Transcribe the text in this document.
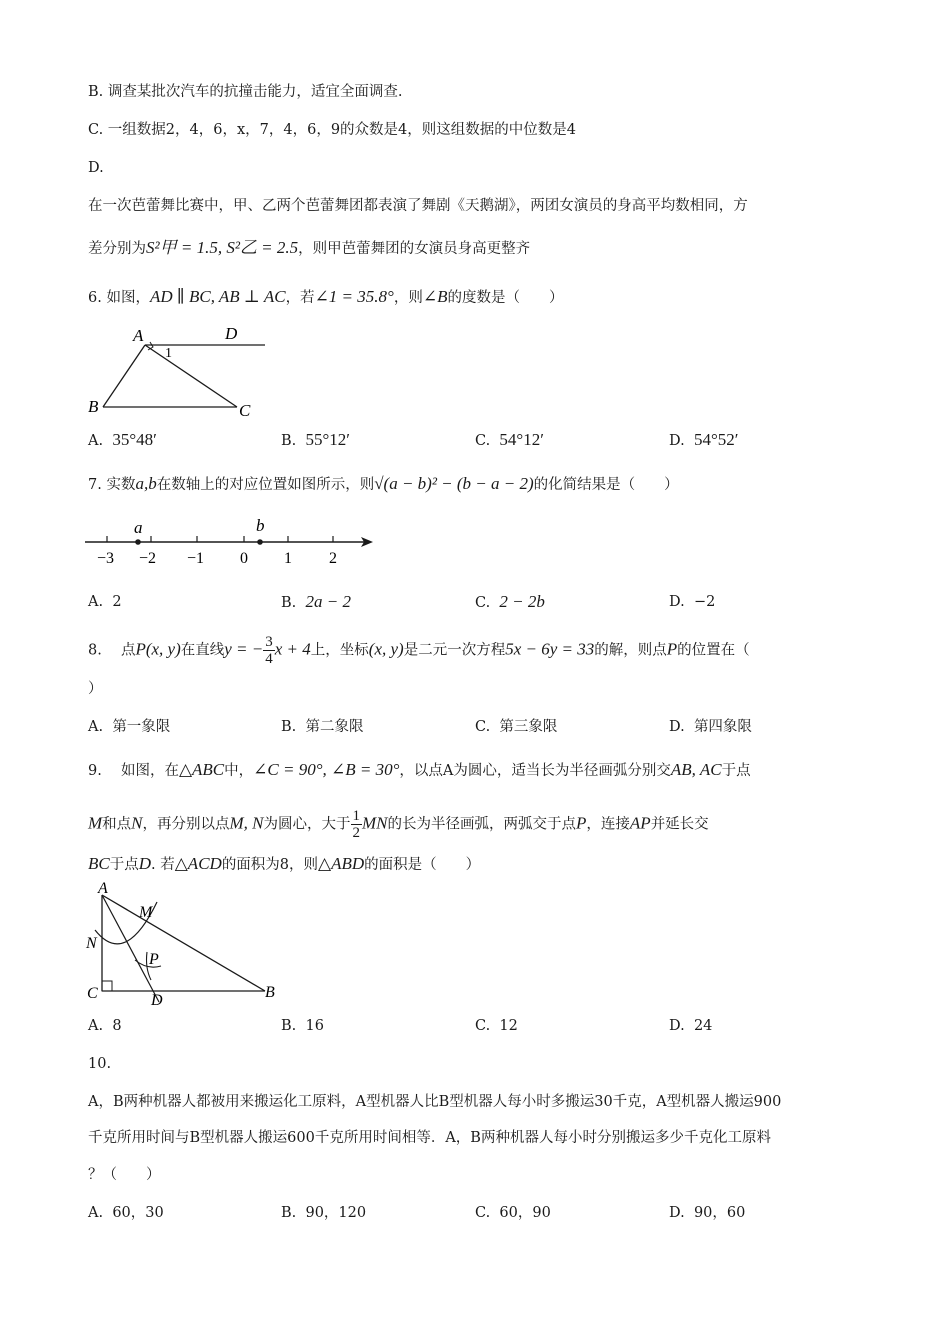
B. 调查某批次汽车的抗撞击能力，适宜全面调查.
C. 一组数据2，4，6，x，7，4，6，9的众数是4，则这组数据的中位数是4
D.
在一次芭蕾舞比赛中，甲、乙两个芭蕾舞团都表演了舞剧《天鹅湖》，两团女演员的身高平均数相同，方
差分别为S²甲 = 1.5, S²乙 = 2.5，则甲芭蕾舞团的女演员身高更整齐
6. 如图，AD ∥ BC, AB ⊥ AC，若∠1 = 35.8°，则∠B的度数是（　　）
A	D
1
B	C
A. 35°48′	B. 55°12′	C. 54°12′	D. 54°52′
7. 实数a,b在数轴上的对应位置如图所示，则√(a − b)² − (b − a − 2)的化简结果是（　　）
−3 −2 −1 0 1 2
a	b
A. 2	B. 2a − 2	C. 2 − 2b	D. −2
8.　 点P(x, y)在直线y = − $\frac{3}{4}$ x + 4上，坐标(x, y)是二元一次方程5x − 6y = 33的解，则点P的位置在（
）
A. 第一象限	B. 第二象限	C. 第三象限	D. 第四象限
9.　 如图，在△ABC中，∠C = 90°, ∠B = 30°，以点A为圆心，适当长为半径画弧分别交AB, AC于点
M和点N，再分别以点M, N为圆心，大于 $\frac{1}{2}$ MN的长为半径画弧，两弧交于点P，连接AP并延长交
BC于点D. 若△ACD的面积为8，则△ABD的面积是（　　）
A
M
N
P
C	D	B
A. 8	B. 16	C. 12	D. 24
10.
A，B两种机器人都被用来搬运化工原料，A型机器人比B型机器人每小时多搬运30千克，A型机器人搬运900
千克所用时间与B型机器人搬运600千克所用时间相等．A，B两种机器人每小时分别搬运多少千克化工原料
？（　　）
A. 60，30	B. 90，120	C. 60，90	D. 90，60
